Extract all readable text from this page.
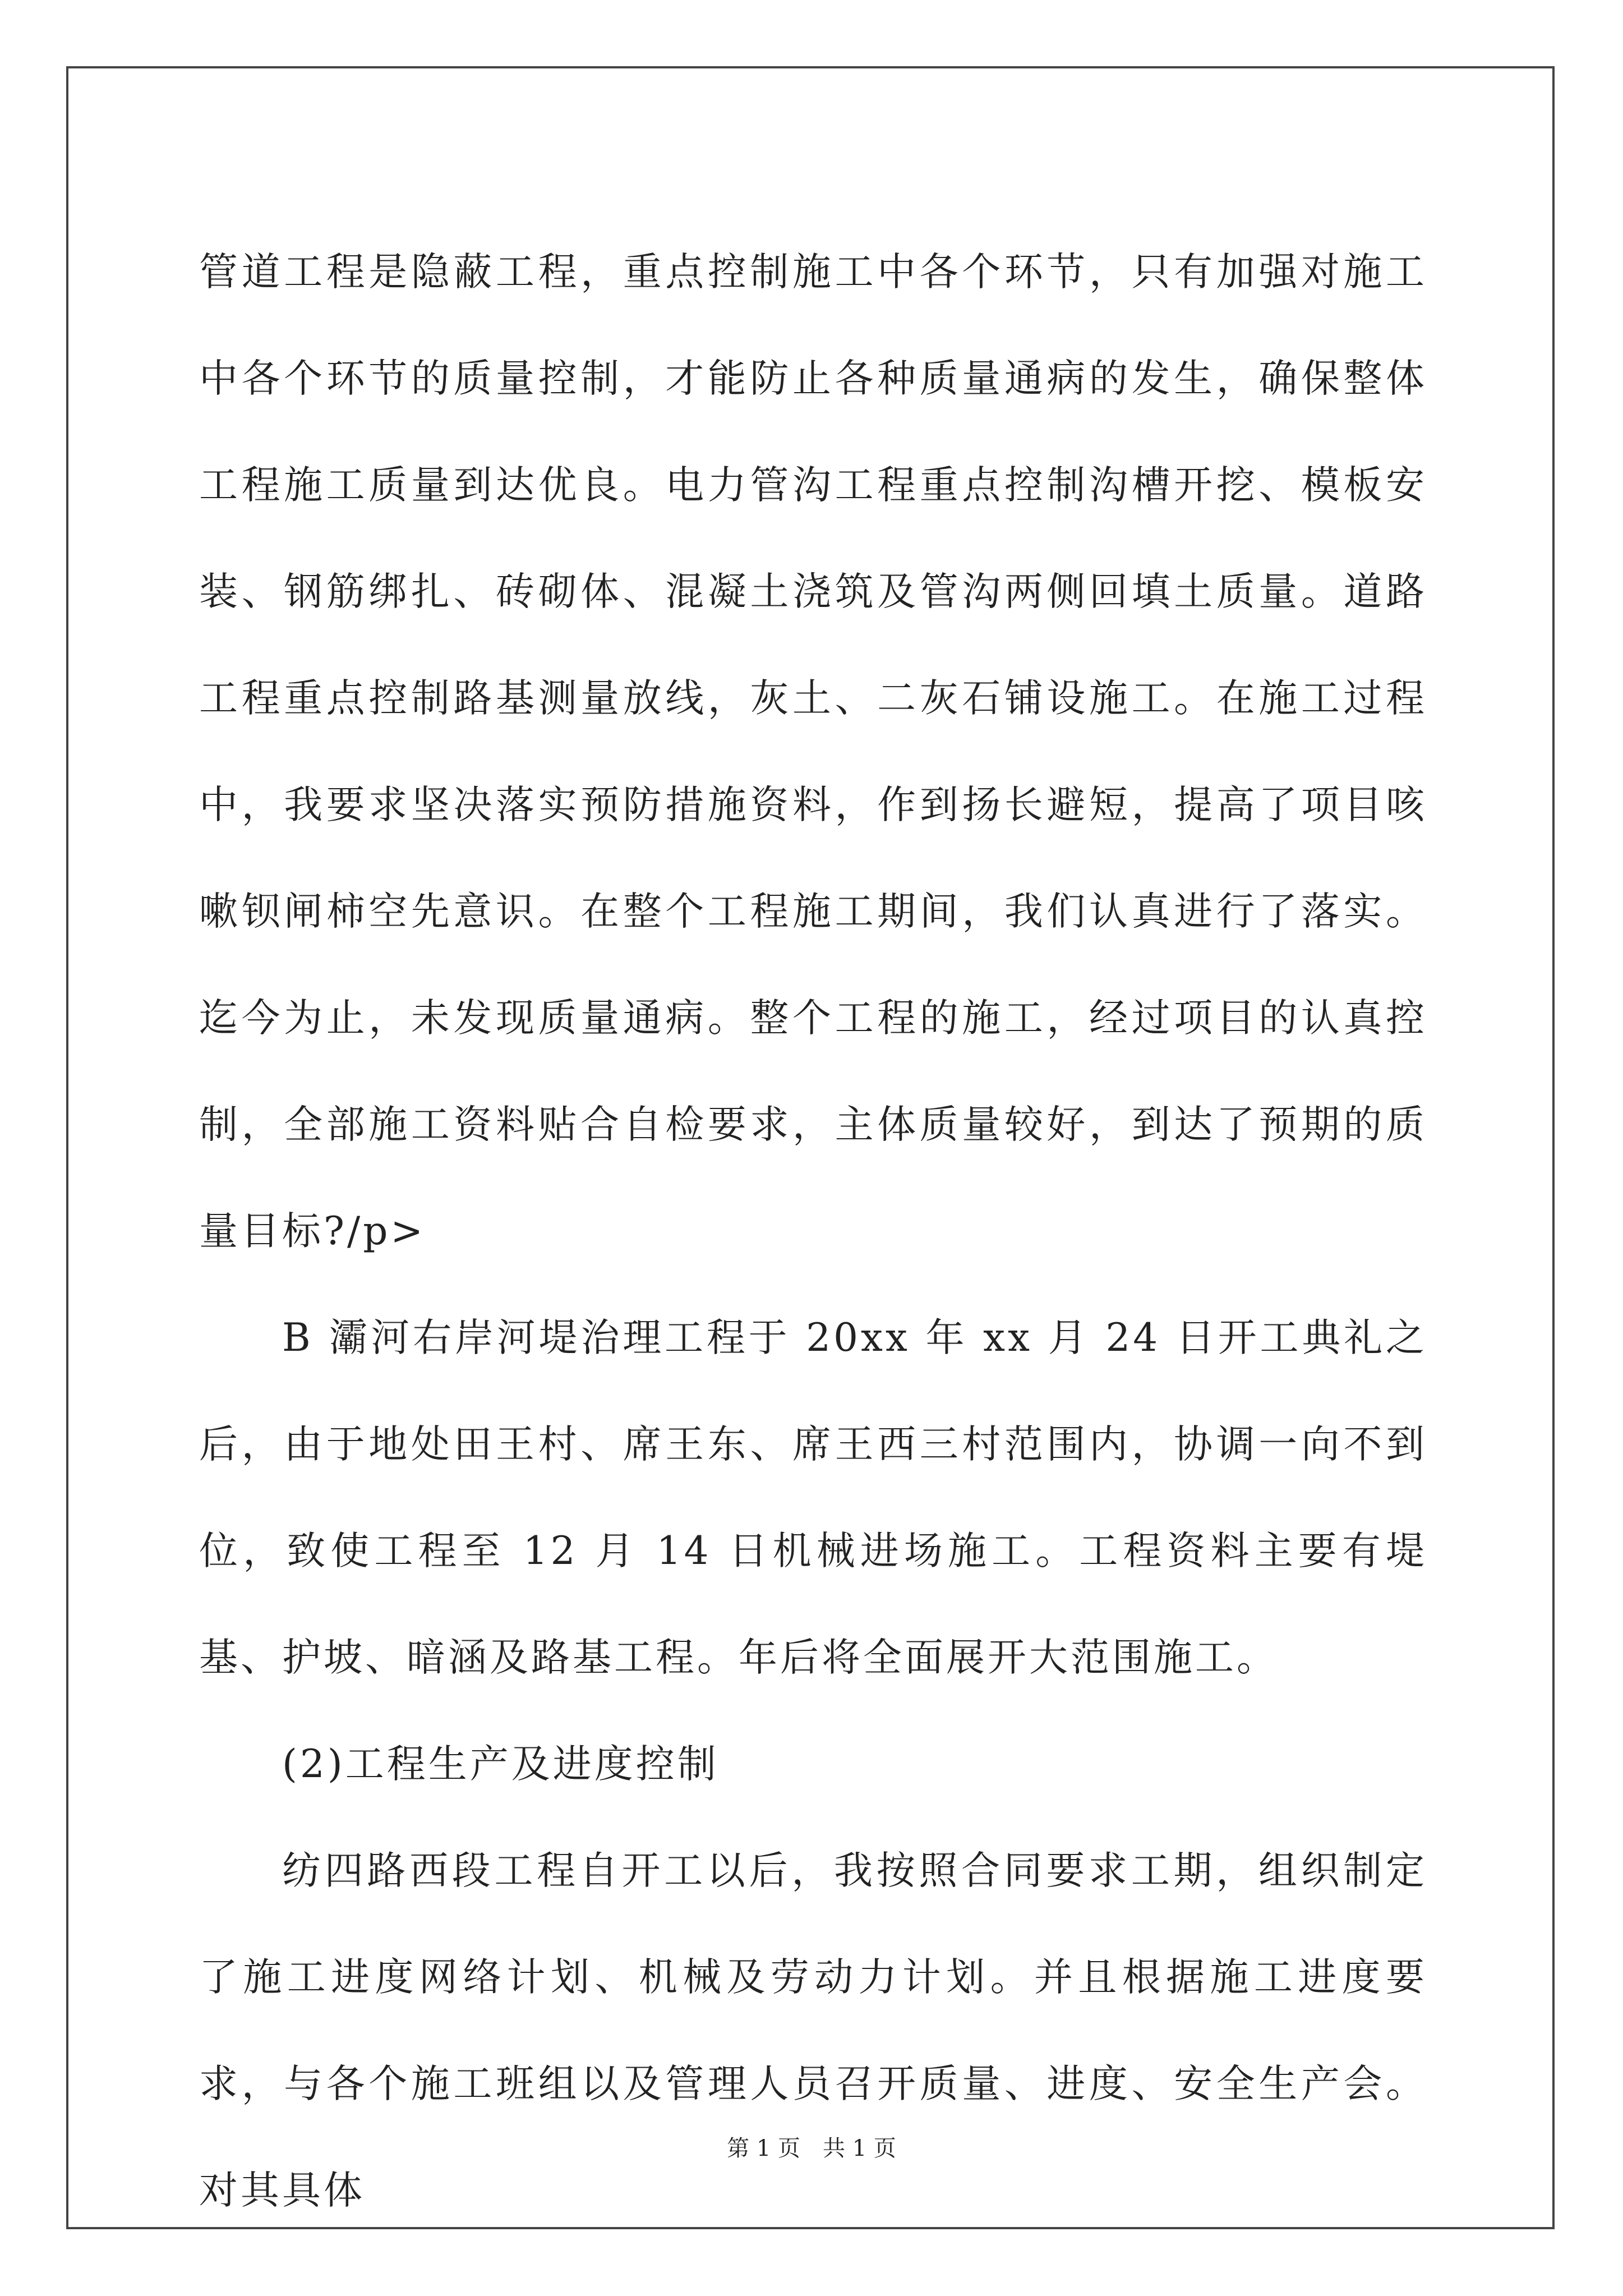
管道工程是隐蔽工程，重点控制施工中各个环节，只有加强对施工中各个环节的质量控制，才能防止各种质量通病的发生，确保整体工程施工质量到达优良。电力管沟工程重点控制沟槽开挖、模板安装、钢筋绑扎、砖砌体、混凝土浇筑及管沟两侧回填土质量。道路工程重点控制路基测量放线，灰土、二灰石铺设施工。在施工过程中，我要求坚决落实预防措施资料，作到扬长避短，提高了项目咳嗽钡闸柿空先意识。在整个工程施工期间，我们认真进行了落实。迄今为止，未发现质量通病。整个工程的施工，经过项目的认真控制，全部施工资料贴合自检要求，主体质量较好，到达了预期的质量目标?/p>

B 灞河右岸河堤治理工程于 20xx 年 xx 月 24 日开工典礼之后，由于地处田王村、席王东、席王西三村范围内，协调一向不到位，致使工程至 12 月 14 日机械进场施工。工程资料主要有堤基、护坡、暗涵及路基工程。年后将全面展开大范围施工。

(2)工程生产及进度控制

纺四路西段工程自开工以后，我按照合同要求工期，组织制定了施工进度网络计划、机械及劳动力计划。并且根据施工进度要求，与各个施工班组以及管理人员召开质量、进度、安全生产会。对其具体

第 1 页　共 1 页
